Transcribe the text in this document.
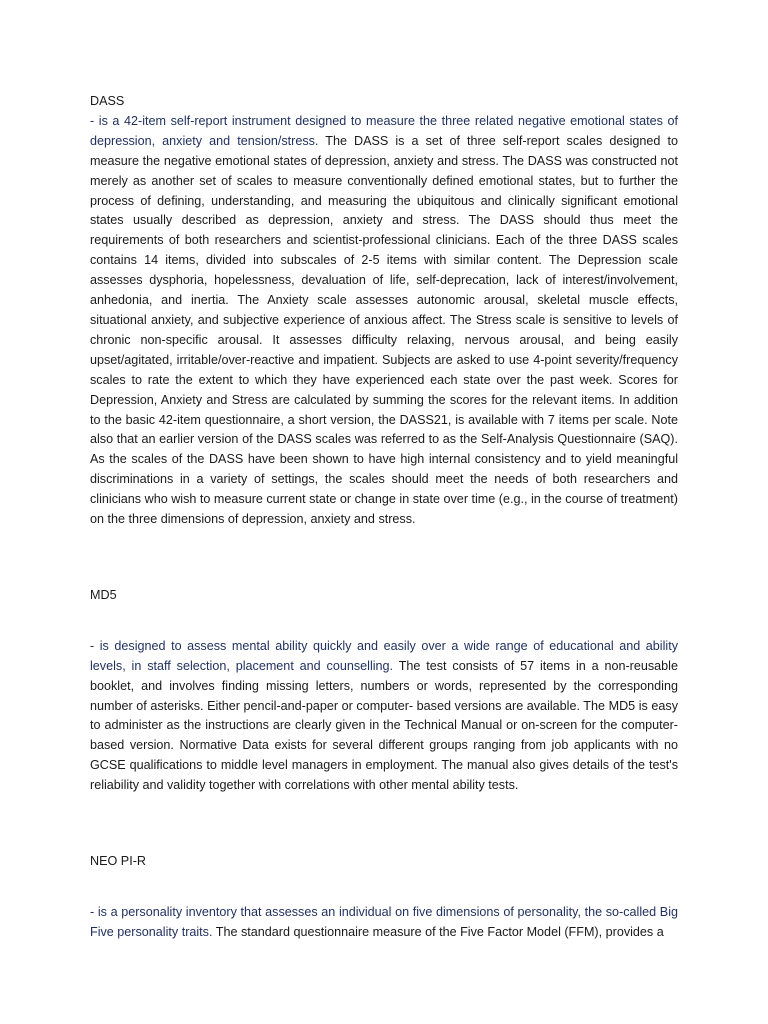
DASS

- is a 42-item self-report instrument designed to measure the three related negative emotional states of depression, anxiety and tension/stress. The DASS is a set of three self-report scales designed to measure the negative emotional states of depression, anxiety and stress. The DASS was constructed not merely as another set of scales to measure conventionally defined emotional states, but to further the process of defining, understanding, and measuring the ubiquitous and clinically significant emotional states usually described as depression, anxiety and stress. The DASS should thus meet the requirements of both researchers and scientist-professional clinicians. Each of the three DASS scales contains 14 items, divided into subscales of 2-5 items with similar content. The Depression scale assesses dysphoria, hopelessness, devaluation of life, self-deprecation, lack of interest/involvement, anhedonia, and inertia. The Anxiety scale assesses autonomic arousal, skeletal muscle effects, situational anxiety, and subjective experience of anxious affect. The Stress scale is sensitive to levels of chronic non-specific arousal. It assesses difficulty relaxing, nervous arousal, and being easily upset/agitated, irritable/over-reactive and impatient. Subjects are asked to use 4-point severity/frequency scales to rate the extent to which they have experienced each state over the past week. Scores for Depression, Anxiety and Stress are calculated by summing the scores for the relevant items. In addition to the basic 42-item questionnaire, a short version, the DASS21, is available with 7 items per scale. Note also that an earlier version of the DASS scales was referred to as the Self-Analysis Questionnaire (SAQ). As the scales of the DASS have been shown to have high internal consistency and to yield meaningful discriminations in a variety of settings, the scales should meet the needs of both researchers and clinicians who wish to measure current state or change in state over time (e.g., in the course of treatment) on the three dimensions of depression, anxiety and stress.

MD5

- is designed to assess mental ability quickly and easily over a wide range of educational and ability levels, in staff selection, placement and counselling. The test consists of 57 items in a non-reusable booklet, and involves finding missing letters, numbers or words, represented by the corresponding number of asterisks. Either pencil-and-paper or computer- based versions are available. The MD5 is easy to administer as the instructions are clearly given in the Technical Manual or on-screen for the computer-based version. Normative Data exists for several different groups ranging from job applicants with no GCSE qualifications to middle level managers in employment. The manual also gives details of the test's reliability and validity together with correlations with other mental ability tests.

NEO PI-R

- is a personality inventory that assesses an individual on five dimensions of personality, the so-called Big Five personality traits. The standard questionnaire measure of the Five Factor Model (FFM), provides a
